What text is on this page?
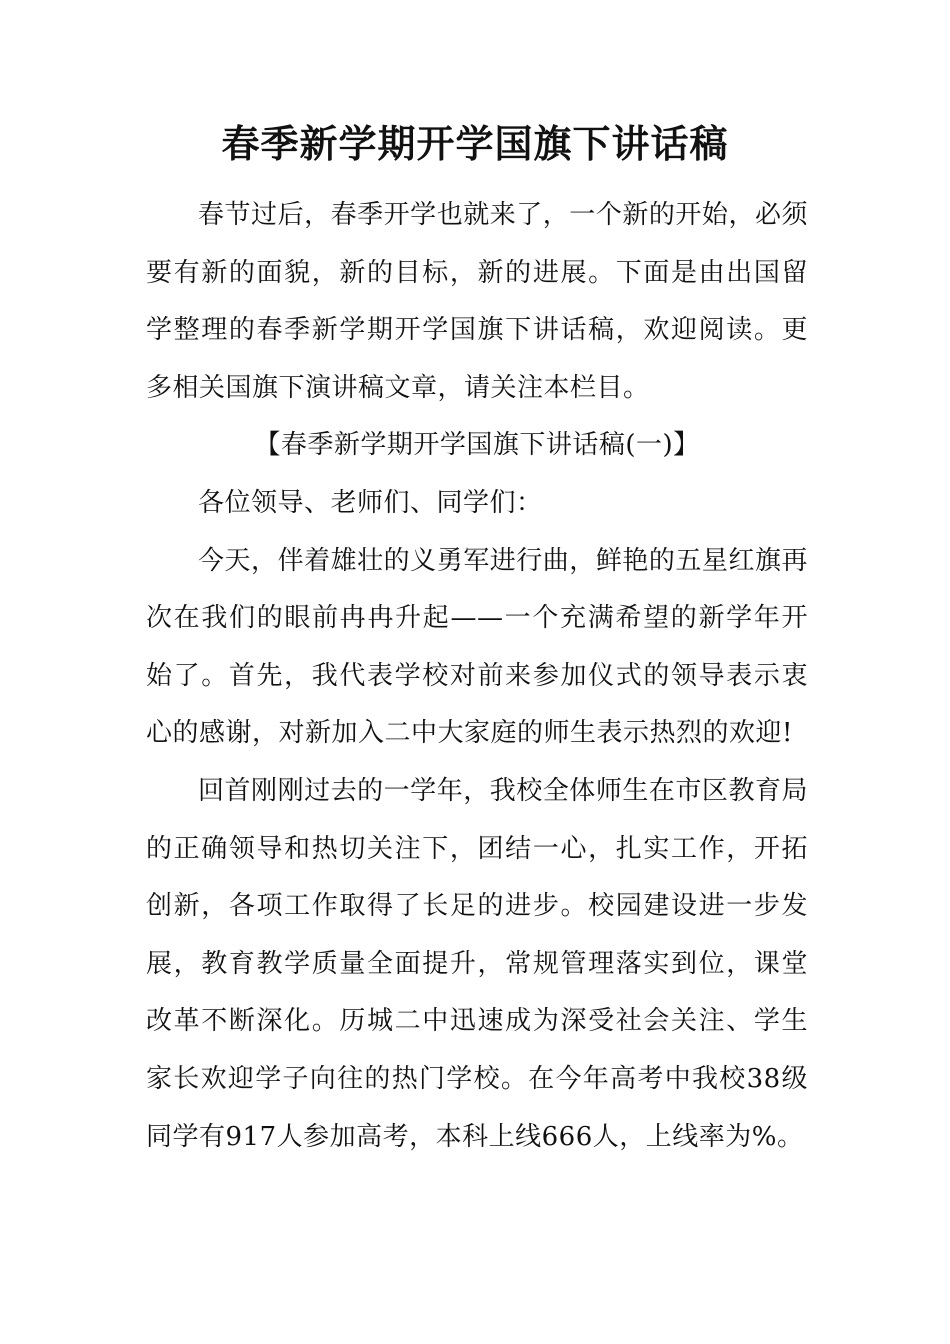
春季新学期开学国旗下讲话稿

春节过后，春季开学也就来了，一个新的开始，必须要有新的面貌，新的目标，新的进展。下面是由出国留学整理的春季新学期开学国旗下讲话稿，欢迎阅读。更多相关国旗下演讲稿文章，请关注本栏目。

【春季新学期开学国旗下讲话稿(一)】

各位领导、老师们、同学们：

今天，伴着雄壮的义勇军进行曲，鲜艳的五星红旗再次在我们的眼前冉冉升起——一个充满希望的新学年开始了。首先，我代表学校对前来参加仪式的领导表示衷心的感谢，对新加入二中大家庭的师生表示热烈的欢迎!

回首刚刚过去的一学年，我校全体师生在市区教育局的正确领导和热切关注下，团结一心，扎实工作，开拓创新，各项工作取得了长足的进步。校园建设进一步发展，教育教学质量全面提升，常规管理落实到位，课堂改革不断深化。历城二中迅速成为深受社会关注、学生家长欢迎学子向往的热门学校。在今年高考中我校38级同学有917人参加高考，本科上线666人，上线率为%。
